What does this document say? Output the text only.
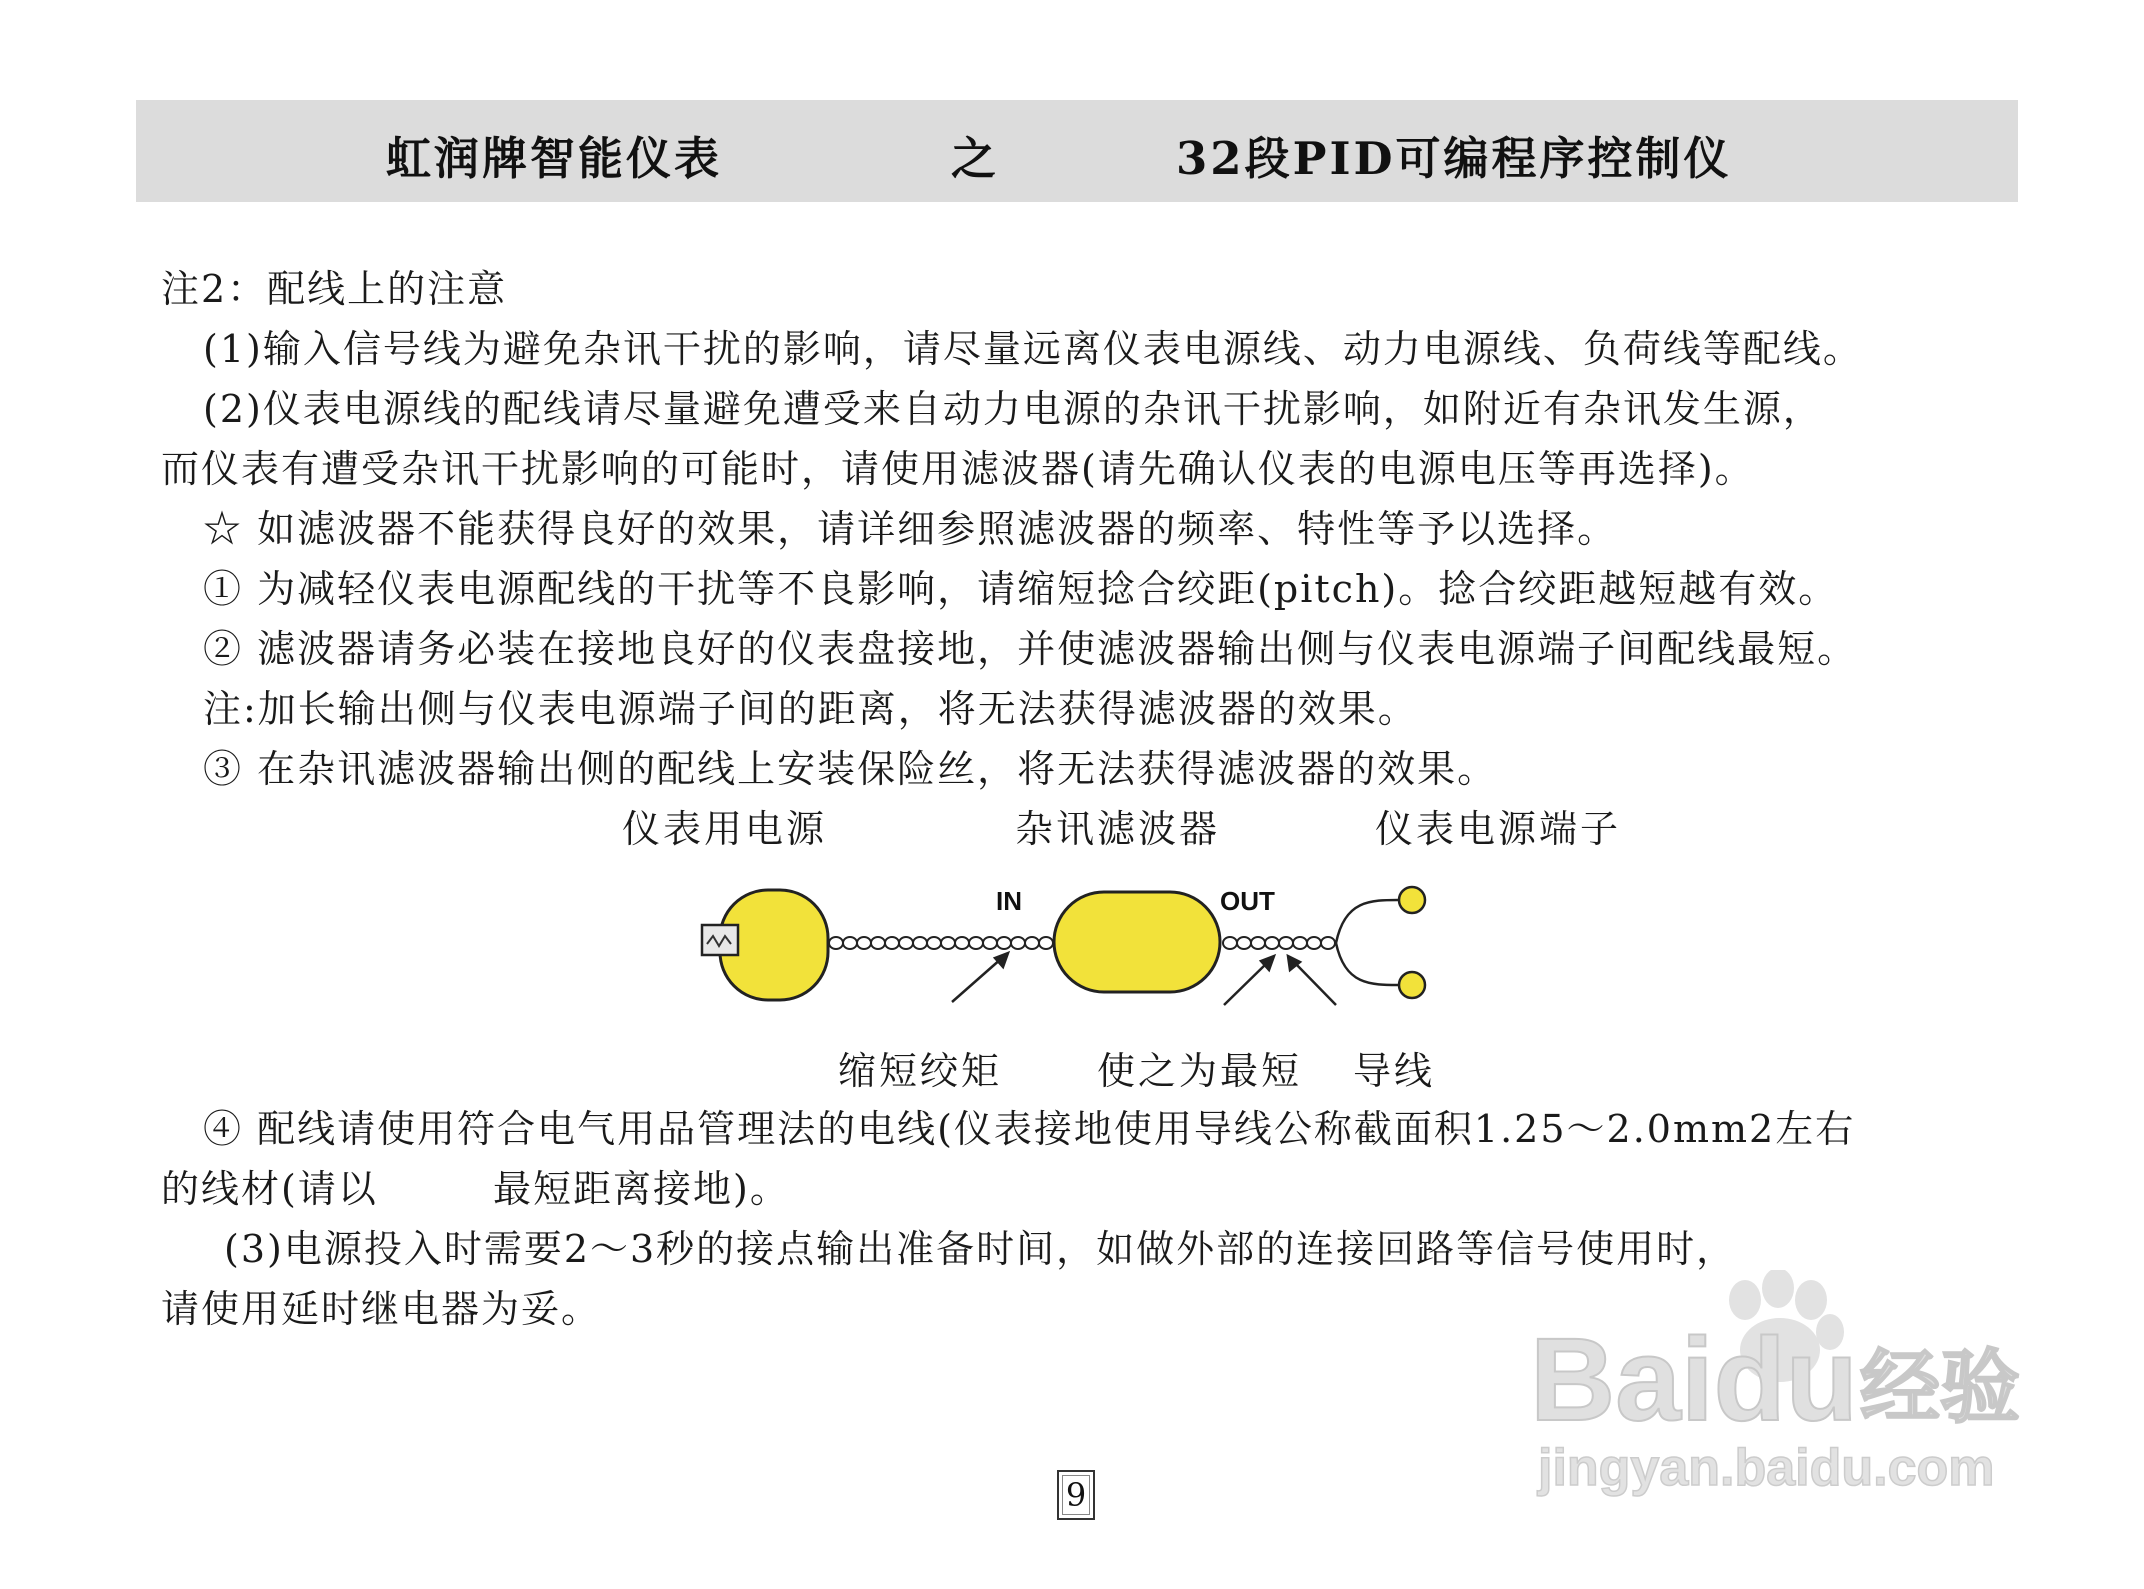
虹润牌智能仪表	之	32段PID可编程序控制仪
注2：配线上的注意
(1)输入信号线为避免杂讯干扰的影响，请尽量远离仪表电源线、动力电源线、负荷线等配线。
(2)仪表电源线的配线请尽量避免遭受来自动力电源的杂讯干扰影响，如附近有杂讯发生源，
而仪表有遭受杂讯干扰影响的可能时，请使用滤波器(请先确认仪表的电源电压等再选择)。
☆ 如滤波器不能获得良好的效果，请详细参照滤波器的频率、特性等予以选择。
① 为减轻仪表电源配线的干扰等不良影响，请缩短捻合绞距(pitch)。捻合绞距越短越有效。
② 滤波器请务必装在接地良好的仪表盘接地，并使滤波器输出侧与仪表电源端子间配线最短。
注:加长输出侧与仪表电源端子间的距离，将无法获得滤波器的效果。
③ 在杂讯滤波器输出侧的配线上安装保险丝，将无法获得滤波器的效果。
仪表用电源	杂讯滤波器	仪表电源端子
IN	OUT
缩短绞矩 使之为最短 导线
④ 配线请使用符合电气用品管理法的电线(仪表接地使用导线公称截面积1.25～2.0mm2左右
的线材(请以	最短距离接地)。
(3)电源投入时需要2～3秒的接点输出准备时间，如做外部的连接回路等信号使用时，
请使用延时继电器为妥。
Baidu 经验
jingyan.baidu.com
9
